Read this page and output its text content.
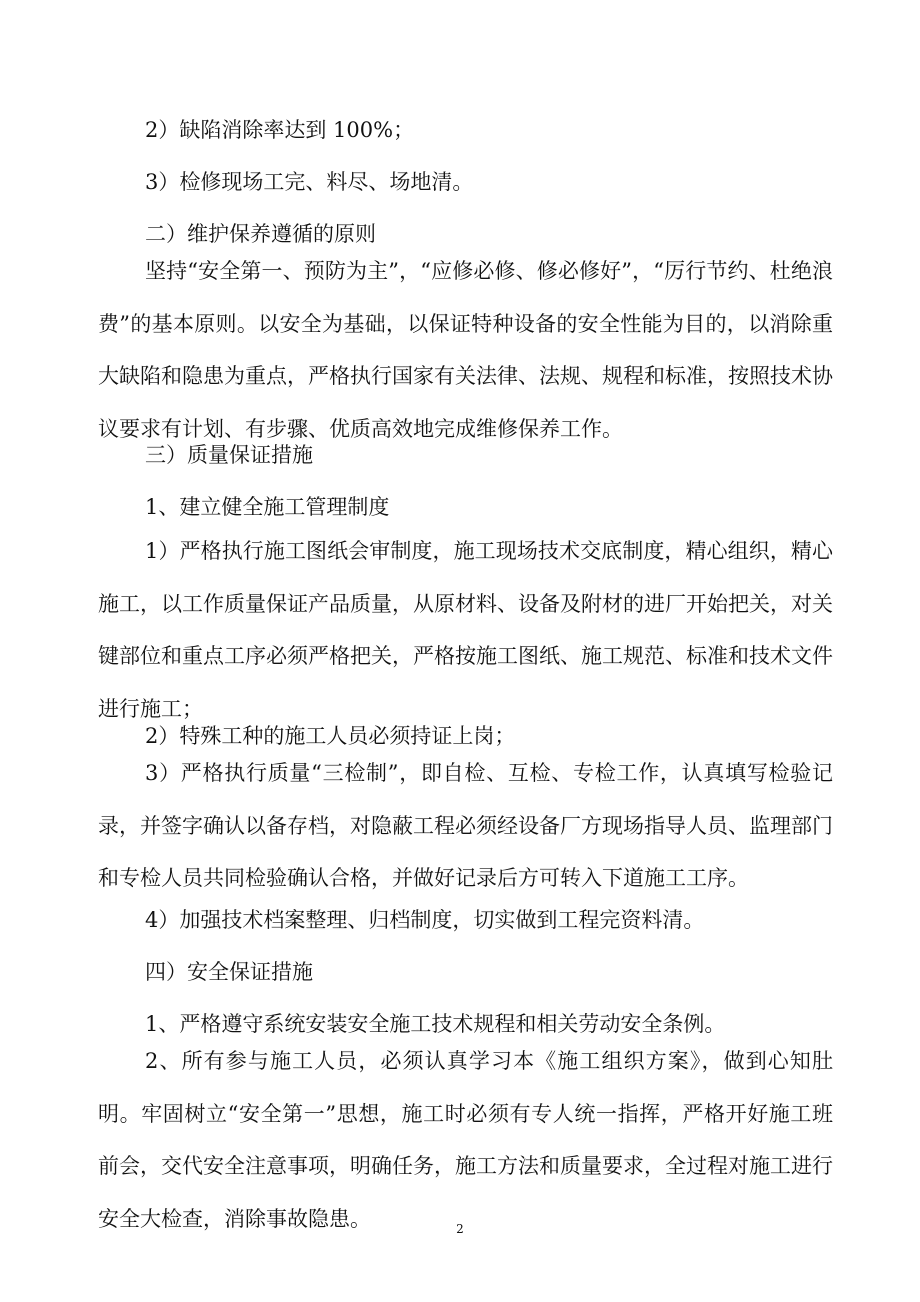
2）缺陷消除率达到 100%；

3）检修现场工完、料尽、场地清。

二）维护保养遵循的原则

坚持“安全第一、预防为主”，“应修必修、修必修好”，“厉行节约、杜绝浪费”的基本原则。以安全为基础，以保证特种设备的安全性能为目的，以消除重大缺陷和隐患为重点，严格执行国家有关法律、法规、规程和标准，按照技术协议要求有计划、有步骤、优质高效地完成维修保养工作。

三）质量保证措施

1、建立健全施工管理制度

1）严格执行施工图纸会审制度，施工现场技术交底制度，精心组织，精心施工，以工作质量保证产品质量，从原材料、设备及附材的进厂开始把关，对关键部位和重点工序必须严格把关，严格按施工图纸、施工规范、标准和技术文件进行施工；

2）特殊工种的施工人员必须持证上岗；

3）严格执行质量“三检制”，即自检、互检、专检工作，认真填写检验记录，并签字确认以备存档，对隐蔽工程必须经设备厂方现场指导人员、监理部门和专检人员共同检验确认合格，并做好记录后方可转入下道施工工序。

4）加强技术档案整理、归档制度，切实做到工程完资料清。

四）安全保证措施

1、严格遵守系统安装安全施工技术规程和相关劳动安全条例。

2、所有参与施工人员，必须认真学习本《施工组织方案》，做到心知肚明。牢固树立“安全第一”思想，施工时必须有专人统一指挥，严格开好施工班前会，交代安全注意事项，明确任务，施工方法和质量要求，全过程对施工进行安全大检查，消除事故隐患。	2
